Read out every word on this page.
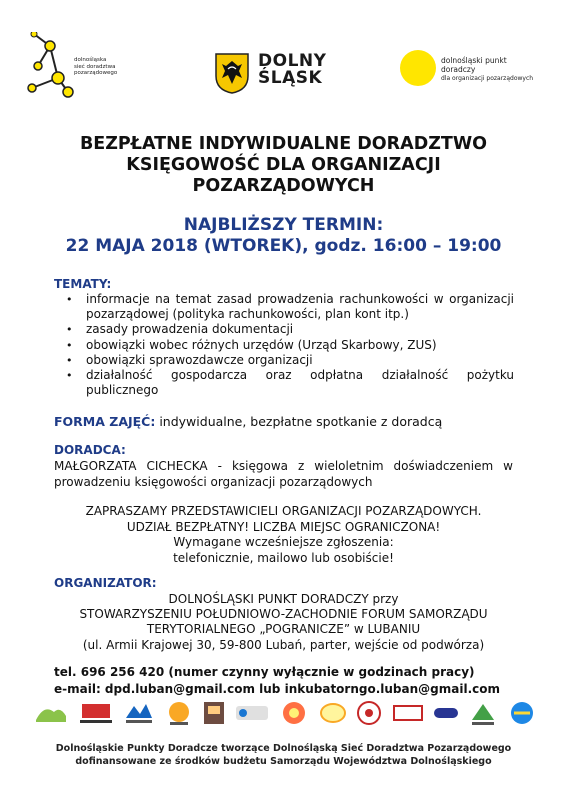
dolnośląska
sieć doradztwa
pozarządowego
DOLNY
ŚLĄSK
dolnośląski punkt
doradczy
dla organizacji pozarządowych
BEZPŁATNE INDYWIDUALNE DORADZTWO
KSIĘGOWOŚĆ DLA ORGANIZACJI
POZARZĄDOWYCH
NAJBLIŻSZY TERMIN:
22 MAJA 2018 (WTOREK), godz. 16:00 – 19:00
TEMATY:
• informacje na temat zasad prowadzenia rachunkowości w organizacji pozarządowej (polityka rachunkowości, plan kont itp.)
• zasady prowadzenia dokumentacji
• obowiązki wobec różnych urzędów (Urząd Skarbowy, ZUS)
• obowiązki sprawozdawcze organizacji
• działalność gospodarcza oraz odpłatna działalność pożytku publicznego
FORMA ZAJĘĆ: indywidualne, bezpłatne spotkanie z doradcą
DORADCA:
MAŁGORZATA CICHECKA - księgowa z wieloletnim doświadczeniem w prowadzeniu księgowości organizacji pozarządowych
ZAPRASZAMY PRZEDSTAWICIELI ORGANIZACJI POZARZĄDOWYCH.
UDZIAŁ BEZPŁATNY! LICZBA MIEJSC OGRANICZONA!
Wymagane wcześniejsze zgłoszenia:
telefonicznie, mailowo lub osobiście!
ORGANIZATOR:
DOLNOŚLĄSKI PUNKT DORADCZY przy
STOWARZYSZENIU POŁUDNIOWO-ZACHODNIE FORUM SAMORZĄDU
TERYTORIALNEGO „POGRANICZE” w LUBANIU
(ul. Armii Krajowej 30, 59-800 Lubań, parter, wejście od podwórza)
tel. 696 256 420 (numer czynny wyłącznie w godzinach pracy)
e-mail: dpd.luban@gmail.com lub inkubatorngo.luban@gmail.com
Dolnośląskie Punkty Doradcze tworzące Dolnośląską Sieć Doradztwa Pozarządowego
dofinansowane ze środków budżetu Samorządu Województwa Dolnośląskiego
